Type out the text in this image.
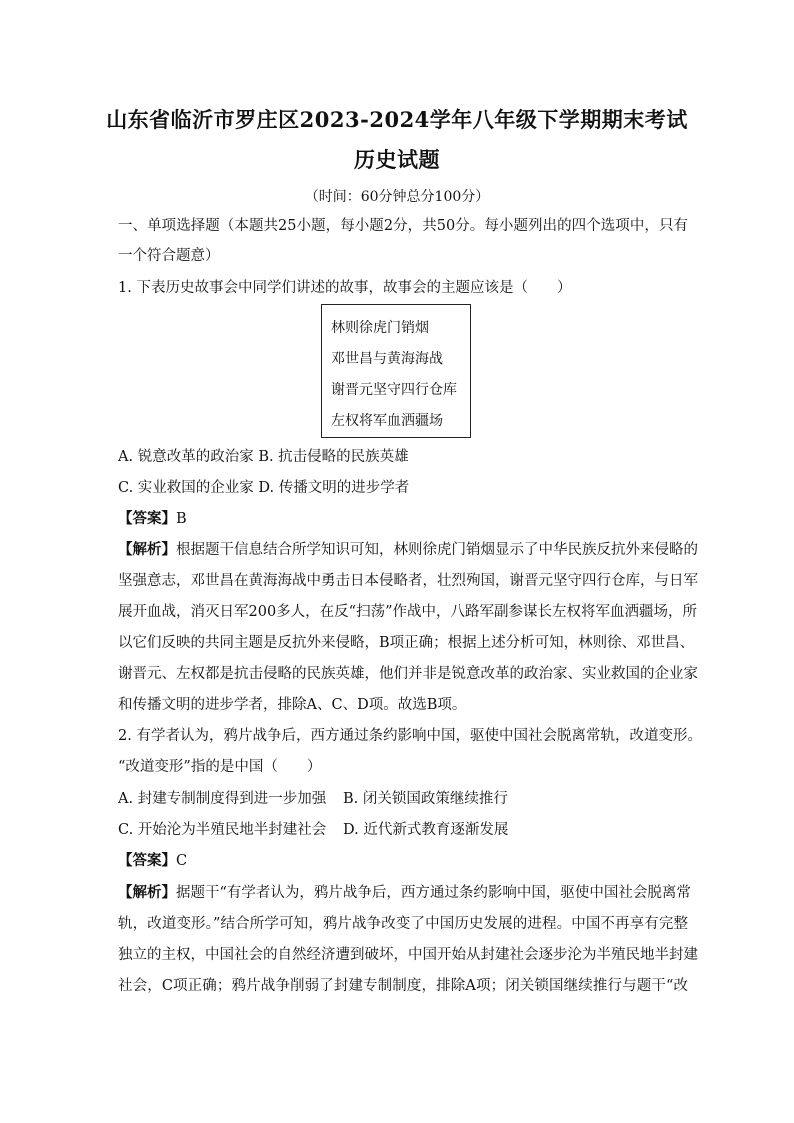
山东省临沂市罗庄区2023-2024学年八年级下学期期末考试
历史试题
（时间：60分钟总分100分）
一、单项选择题（本题共25小题，每小题2分，共50分。每小题列出的四个选项中，只有
一个符合题意）
1. 下表历史故事会中同学们讲述的故事，故事会的主题应该是（　　）
林则徐虎门销烟
邓世昌与黄海海战
谢晋元坚守四行仓库
左权将军血洒疆场
A. 锐意改革的政治家 B. 抗击侵略的民族英雄
C. 实业救国的企业家 D. 传播文明的进步学者
【答案】B
【解析】根据题干信息结合所学知识可知，林则徐虎门销烟显示了中华民族反抗外来侵略的
坚强意志，邓世昌在黄海海战中勇击日本侵略者，壮烈殉国，谢晋元坚守四行仓库，与日军
展开血战，消灭日军200多人，在反“扫荡”作战中，八路军副参谋长左权将军血洒疆场，所
以它们反映的共同主题是反抗外来侵略，B项正确；根据上述分析可知，林则徐、邓世昌、
谢晋元、左权都是抗击侵略的民族英雄，他们并非是锐意改革的政治家、实业救国的企业家
和传播文明的进步学者，排除A、C、D项。故选B项。
2. 有学者认为，鸦片战争后，西方通过条约影响中国，驱使中国社会脱离常轨，改道变形。
“改道变形”指的是中国（　　）
A. 封建专制制度得到进一步加强 B. 闭关锁国政策继续推行
C. 开始沦为半殖民地半封建社会 D. 近代新式教育逐渐发展
【答案】C
【解析】据题干“有学者认为，鸦片战争后，西方通过条约影响中国，驱使中国社会脱离常
轨，改道变形。”结合所学可知，鸦片战争改变了中国历史发展的进程。中国不再享有完整
独立的主权，中国社会的自然经济遭到破坏，中国开始从封建社会逐步沦为半殖民地半封建
社会，C项正确；鸦片战争削弱了封建专制制度，排除A项；闭关锁国继续推行与题干“改
